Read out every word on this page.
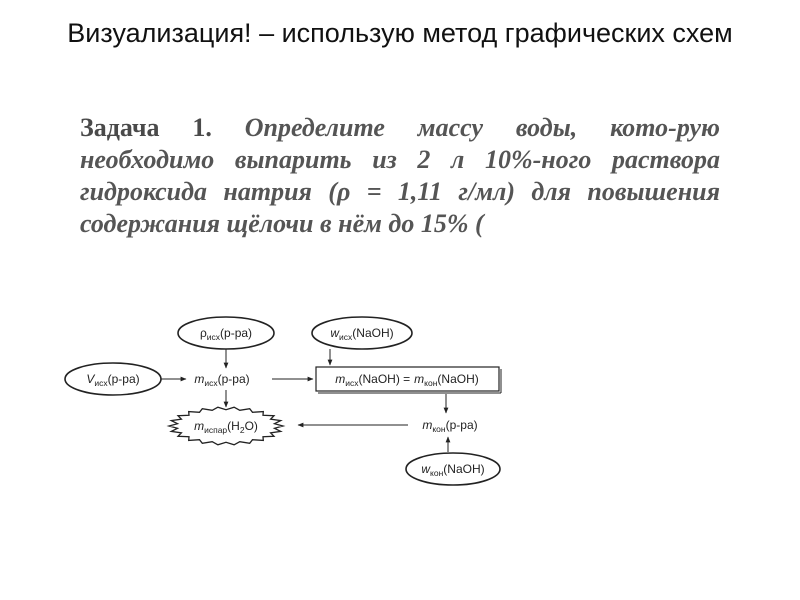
Визуализация! – использую метод графических схем
Задача 1. Определите массу воды, кото-рую необходимо выпарить из 2 л 10%-ного раствора гидроксида натрия (ρ = 1,11 г/мл) для повышения содержания щёлочи в нём до 15% (
$\rho_{исх}(р-ра)$	$w_{исх}(NaOH)$
$V_{исх}(р-ра)$	$m_{исх}(р-ра)$	$m_{исх}(NaOH)$ = $m_{кон}(NaOH)$
$m_{испар}(H_2O)$	$m_{кон}(р-ра)$
$w_{кон}(NaOH)$
